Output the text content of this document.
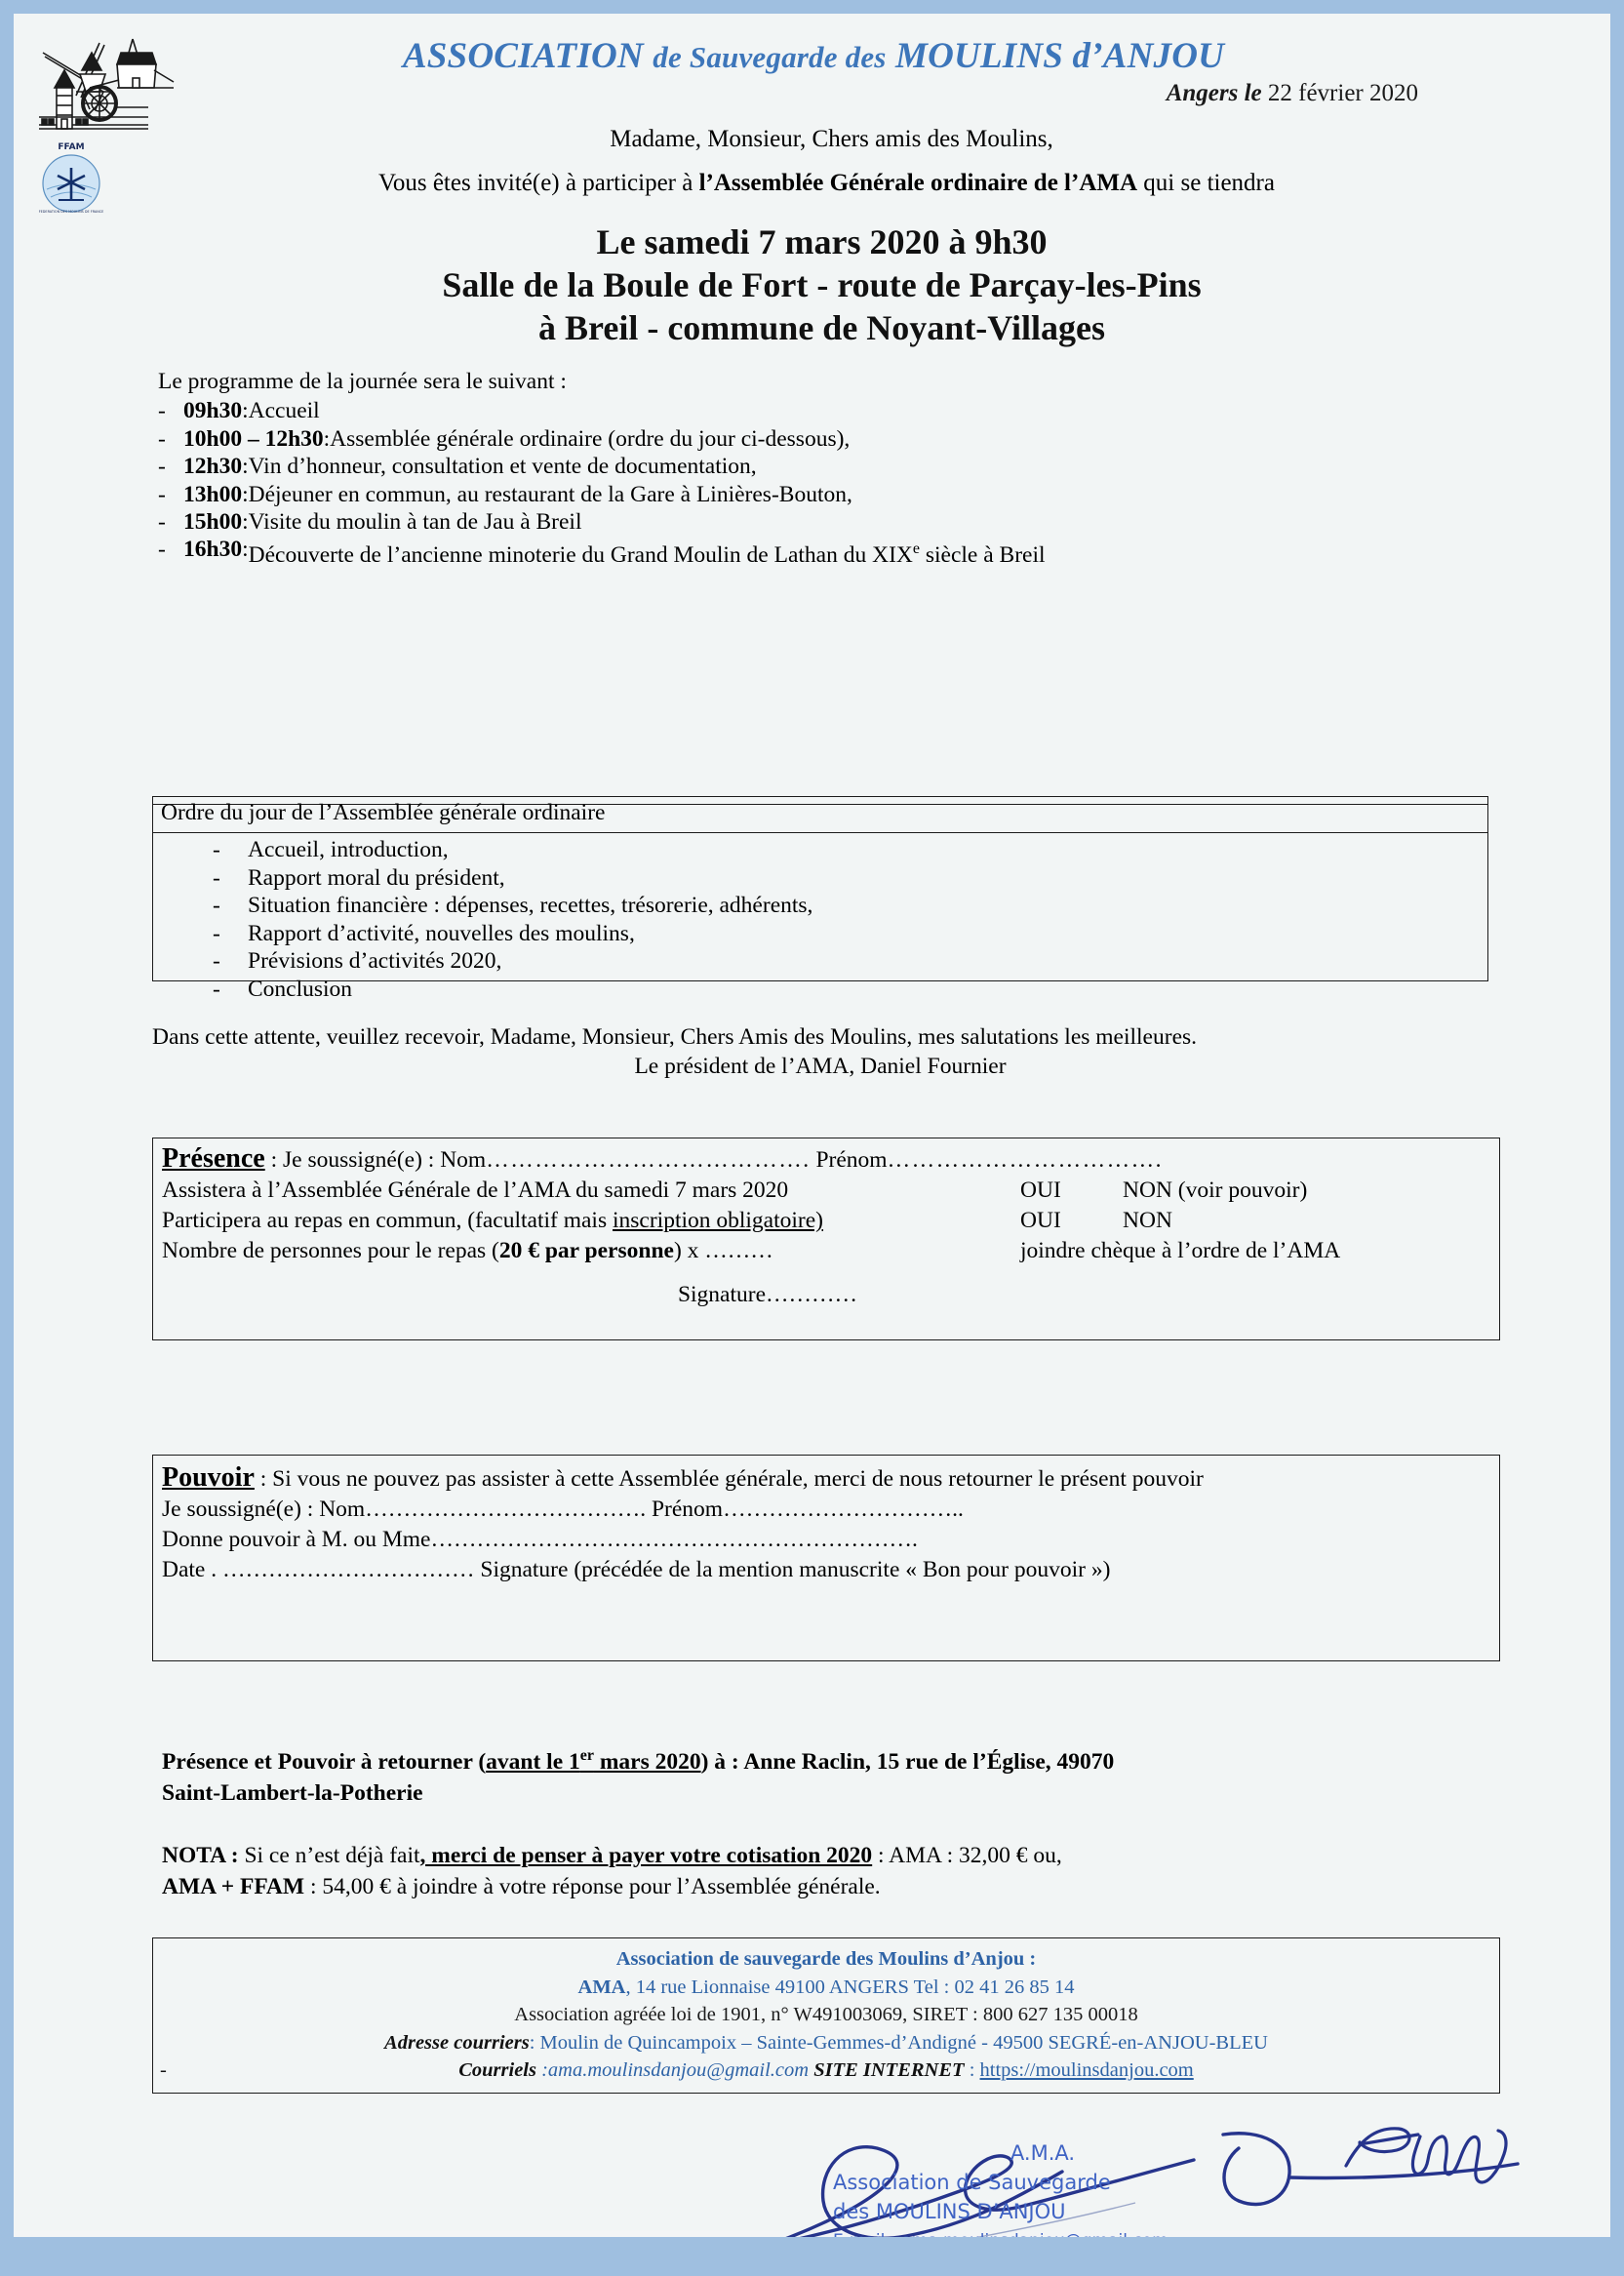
FFAM
FEDERATION DES MOULINS DE FRANCE
ASSOCIATION de Sauvegarde des MOULINS d’ANJOU
Angers le 22 février 2020
Madame, Monsieur, Chers amis des Moulins,
Vous êtes invité(e) à participer à l’Assemblée Générale ordinaire de l’AMA qui se tiendra
Le samedi 7 mars 2020 à 9h30
Salle de la Boule de Fort - route de Parçay-les-Pins
à Breil - commune de Noyant-Villages
Le programme de la journée sera le suivant :
- 09h30 : Accueil
- 10h00 – 12h30 : Assemblée générale ordinaire (ordre du jour ci-dessous),
- 12h30 : Vin d’honneur, consultation et vente de documentation,
- 13h00 : Déjeuner en commun, au restaurant de la Gare à Linières-Bouton,
- 15h00 : Visite du moulin à tan de Jau à Breil
- 16h30 : Découverte de l’ancienne minoterie du Grand Moulin de Lathan du XIXe siècle à Breil
Ordre du jour de l’Assemblée générale ordinaire
-	Accueil, introduction,
-	Rapport moral du président,
-	Situation financière : dépenses, recettes, trésorerie, adhérents,
-	Rapport d’activité, nouvelles des moulins,
-	Prévisions d’activités 2020,
-	Conclusion
Dans cette attente, veuillez recevoir, Madame, Monsieur, Chers Amis des Moulins, mes salutations les meilleures.
Le président de l’AMA, Daniel Fournier
Présence : Je soussigné(e) : Nom…………………………………. Prénom…………………………….
Assistera à l’Assemblée Générale de l’AMA du samedi 7 mars 2020	OUI	NON (voir pouvoir)
Participera au repas en commun, (facultatif mais inscription obligatoire)	OUI	NON
Nombre de personnes pour le repas (20 € par personne) x ………	joindre chèque à l’ordre de l’AMA
Signature…………
Pouvoir : Si vous ne pouvez pas assister à cette Assemblée générale, merci de nous retourner le présent pouvoir
Je soussigné(e) : Nom………………………………. Prénom…………………………..
Donne pouvoir à M. ou Mme……………………………………………………….
Date . …………………………… Signature (précédée de la mention manuscrite « Bon pour pouvoir »)
Présence et Pouvoir à retourner (avant le 1er mars 2020) à : Anne Raclin, 15 rue de l’Église, 49070
Saint-Lambert-la-Potherie
NOTA : Si ce n’est déjà fait, merci de penser à payer votre cotisation 2020 : AMA : 32,00 € ou,
AMA + FFAM : 54,00 € à joindre à votre réponse pour l’Assemblée générale.
Association de sauvegarde des Moulins d’Anjou :
AMA, 14 rue Lionnaise 49100 ANGERS Tel : 02 41 26 85 14
Association agréée loi de 1901, n° W491003069, SIRET : 800 627 135 00018
Adresse courriers: Moulin de Quincampoix – Sainte-Gemmes-d’Andigné - 49500 SEGRÉ-en-ANJOU-BLEU
Courriels :ama.moulinsdanjou@gmail.com SITE INTERNET : https://moulinsdanjou.com
-
A.M.A.
Association de Sauvegarde
des MOULINS D’ANJOU
